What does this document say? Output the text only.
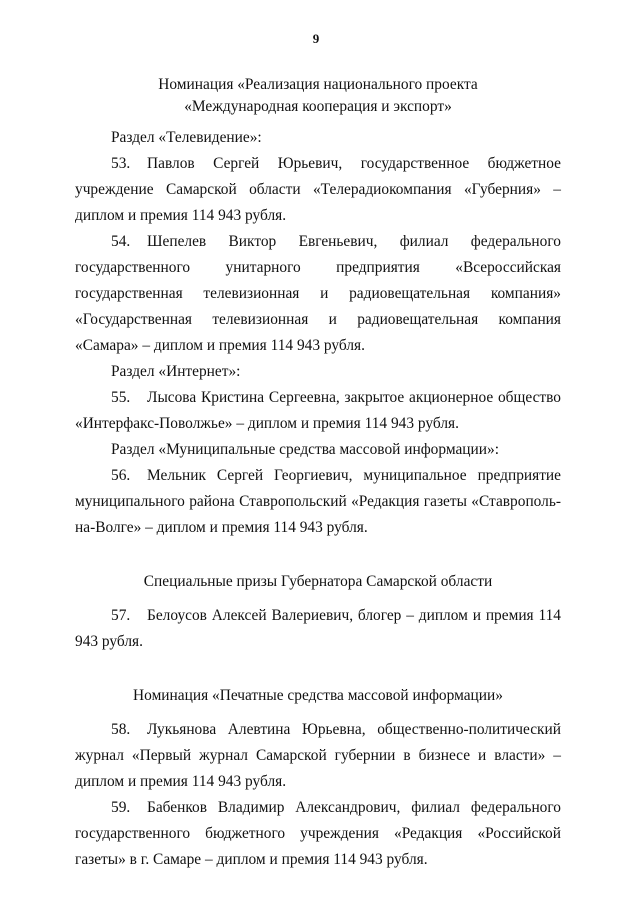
9
Номинация «Реализация национального проекта
«Международная кооперация и экспорт»

Раздел «Телевидение»:

53. Павлов Сергей Юрьевич, государственное бюджетное учреждение Самарской области «Телерадиокомпания «Губерния» – диплом и премия 114 943 рубля.

54. Шепелев Виктор Евгеньевич, филиал федерального государственного унитарного предприятия «Всероссийская государственная телевизионная и радиовещательная компания» «Государственная телевизионная и радиовещательная компания «Самара» – диплом и премия 114 943 рубля.

Раздел «Интернет»:

55. Лысова Кристина Сергеевна, закрытое акционерное общество «Интерфакс-Поволжье» – диплом и премия 114 943 рубля.

Раздел «Муниципальные средства массовой информации»:

56. Мельник Сергей Георгиевич, муниципальное предприятие муниципального района Ставропольский «Редакция газеты «Ставрополь-на-Волге» – диплом и премия 114 943 рубля.

Специальные призы Губернатора Самарской области

57. Белоусов Алексей Валериевич, блогер – диплом и премия 114 943 рубля.

Номинация «Печатные средства массовой информации»

58. Лукьянова Алевтина Юрьевна, общественно-политический журнал «Первый журнал Самарской губернии в бизнесе и власти» – диплом и премия 114 943 рубля.

59. Бабенков Владимир Александрович, филиал федерального государственного бюджетного учреждения «Редакция «Российской газеты» в г. Самаре – диплом и премия 114 943 рубля.
